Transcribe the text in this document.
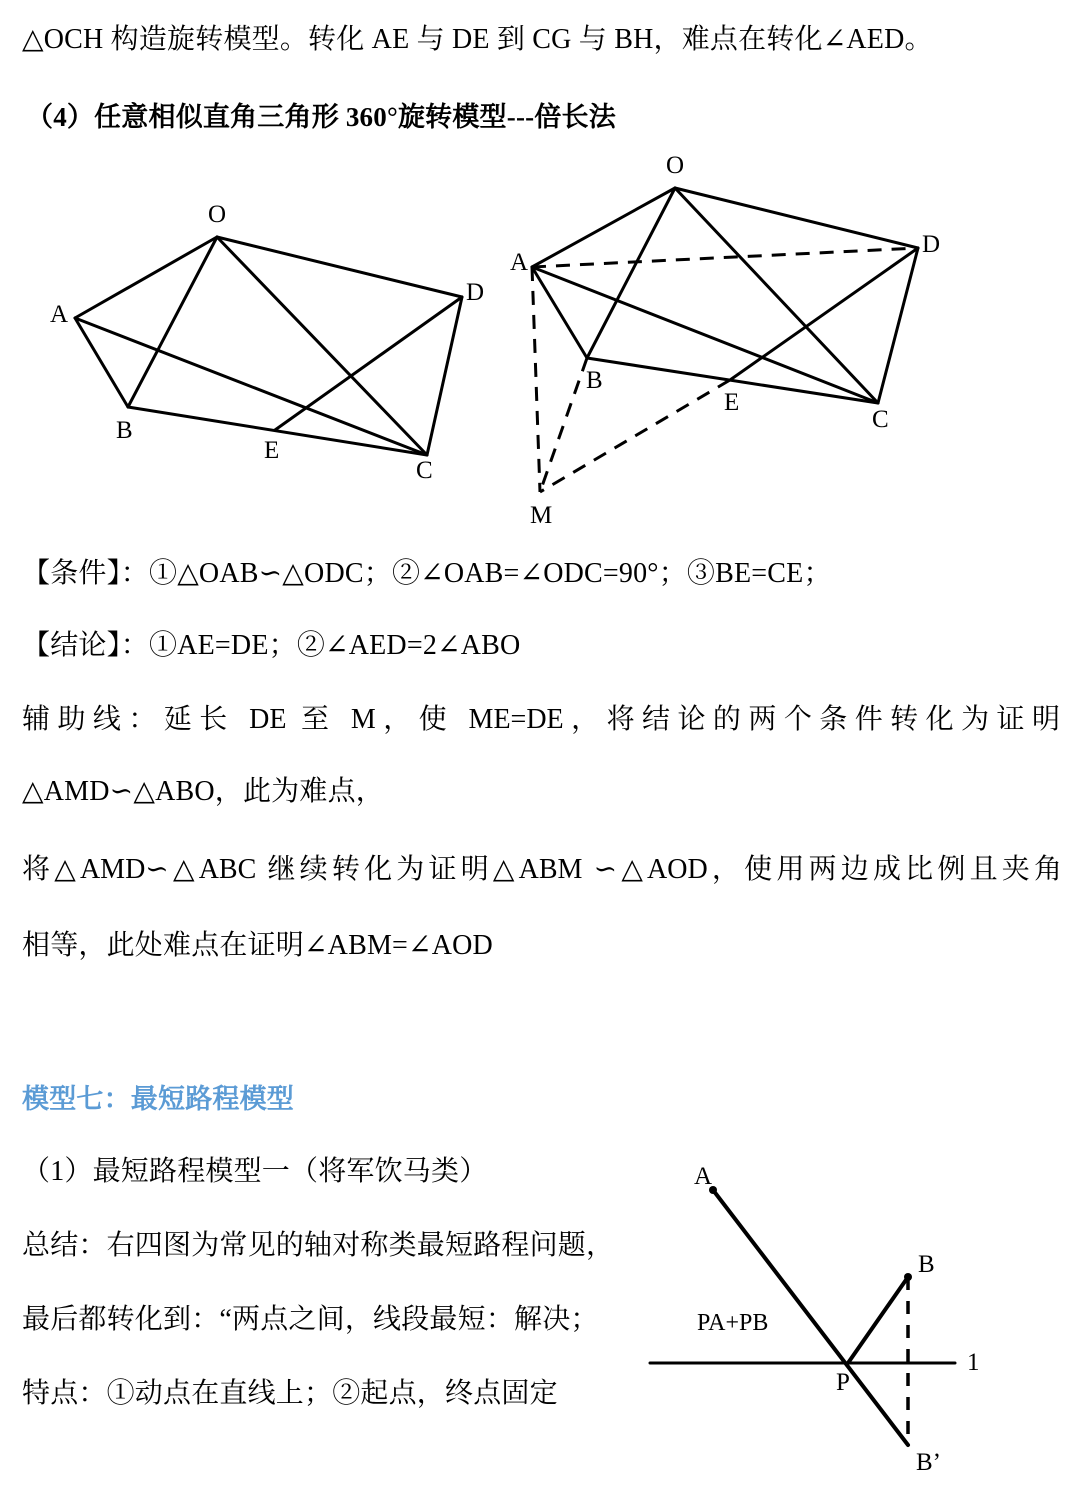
△OCH 构造旋转模型。转化 AE 与 DE 到 CG 与 BH，难点在转化∠AED。
（4）任意相似直角三角形 360°旋转模型---倍长法
O
A
B
E
C
D
O
A
B
E
C
D
M
【条件】：①△OAB∽△ODC；②∠OAB=∠ODC=90°；③BE=CE；
【结论】：①AE=DE；②∠AED=2∠ABO
辅助线：延长 DE 至 M，使 ME=DE，将结论的两个条件转化为证明
△AMD∽△ABO，此为难点，
将△AMD∽△ABC 继续转化为证明△ABM ∽△AOD，使用两边成比例且夹角
相等，此处难点在证明∠ABM=∠AOD
模型七：最短路程模型
（1）最短路程模型一（将军饮马类）
总结：右四图为常见的轴对称类最短路程问题，
最后都转化到：“两点之间，线段最短：解决；
特点：①动点在直线上；②起点，终点固定
A
B
P
B’
1
PA+PB
